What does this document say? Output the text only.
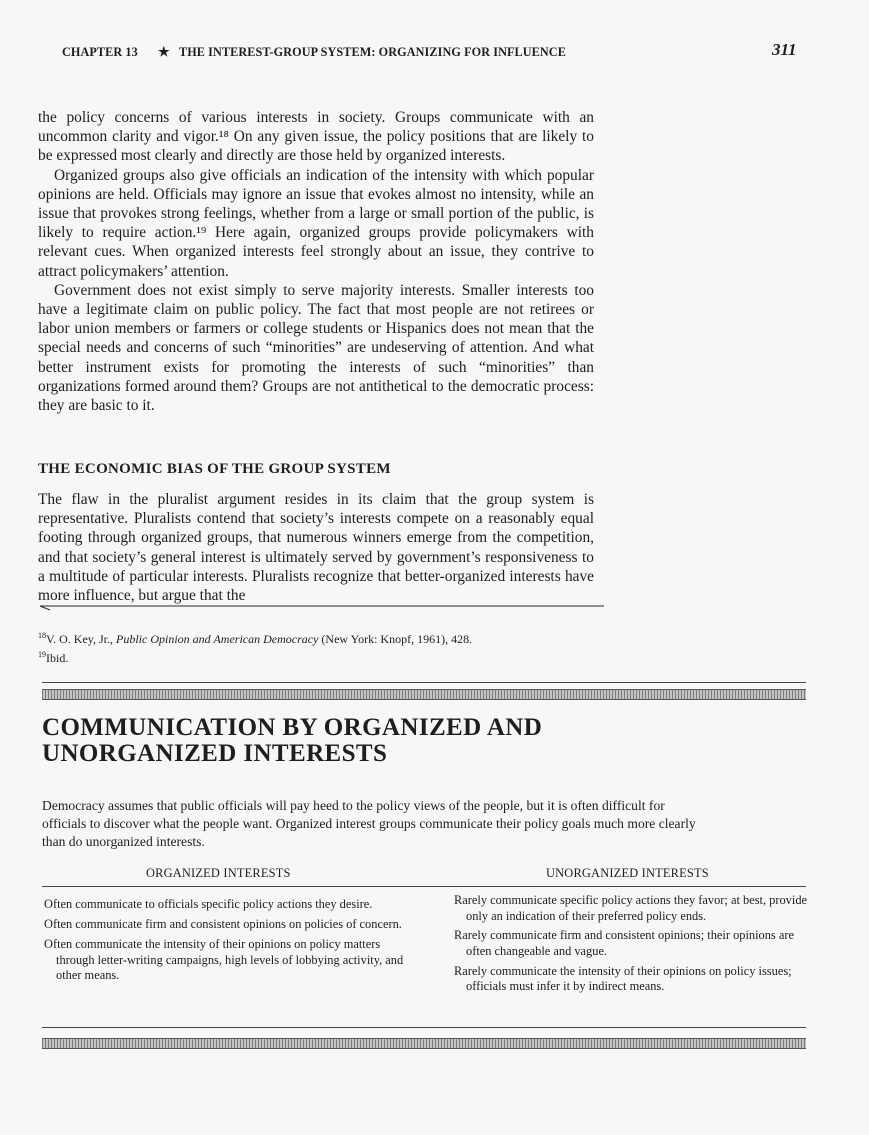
CHAPTER 13 ★ THE INTEREST-GROUP SYSTEM: ORGANIZING FOR INFLUENCE	311

the policy concerns of various interests in society. Groups communicate with an uncommon clarity and vigor.¹⁸ On any given issue, the policy positions that are likely to be expressed most clearly and directly are those held by organized interests.

Organized groups also give officials an indication of the intensity with which popular opinions are held. Officials may ignore an issue that evokes almost no intensity, while an issue that provokes strong feelings, whether from a large or small portion of the public, is likely to require action.¹⁹ Here again, organized groups provide policymakers with relevant cues. When organized interests feel strongly about an issue, they contrive to attract policymakers’ attention.

Government does not exist simply to serve majority interests. Smaller interests too have a legitimate claim on public policy. The fact that most people are not retirees or labor union members or farmers or college students or Hispanics does not mean that the special needs and concerns of such “minorities” are undeserving of attention. And what better instrument exists for promoting the interests of such “minorities” than organizations formed around them? Groups are not antithetical to the democratic process: they are basic to it.

THE ECONOMIC BIAS OF THE GROUP SYSTEM

The flaw in the pluralist argument resides in its claim that the group system is representative. Pluralists contend that society’s interests compete on a reasonably equal footing through organized groups, that numerous winners emerge from the competition, and that society’s general interest is ultimately served by government’s responsiveness to a multitude of particular interests. Pluralists recognize that better-organized interests have more influence, but argue that the

$^{18}$V. O. Key, Jr., Public Opinion and American Democracy (New York: Knopf, 1961), 428.
$^{19}$Ibid.
COMMUNICATION BY ORGANIZED AND
UNORGANIZED INTERESTS
Democracy assumes that public officials will pay heed to the policy views of the people, but it is often difficult for officials to discover what the people want. Organized interest groups communicate their policy goals much more clearly than do unorganized interests.
ORGANIZED INTERESTS	UNORGANIZED INTERESTS
Often communicate to officials specific policy actions they desire.
Often communicate firm and consistent opinions on policies of concern.
Often communicate the intensity of their opinions on policy matters through letter-writing campaigns, high levels of lobbying activity, and other means.
Rarely communicate specific policy actions they favor; at best, provide only an indication of their preferred policy ends.
Rarely communicate firm and consistent opinions; their opinions are often changeable and vague.
Rarely communicate the intensity of their opinions on policy issues; officials must infer it by indirect means.
